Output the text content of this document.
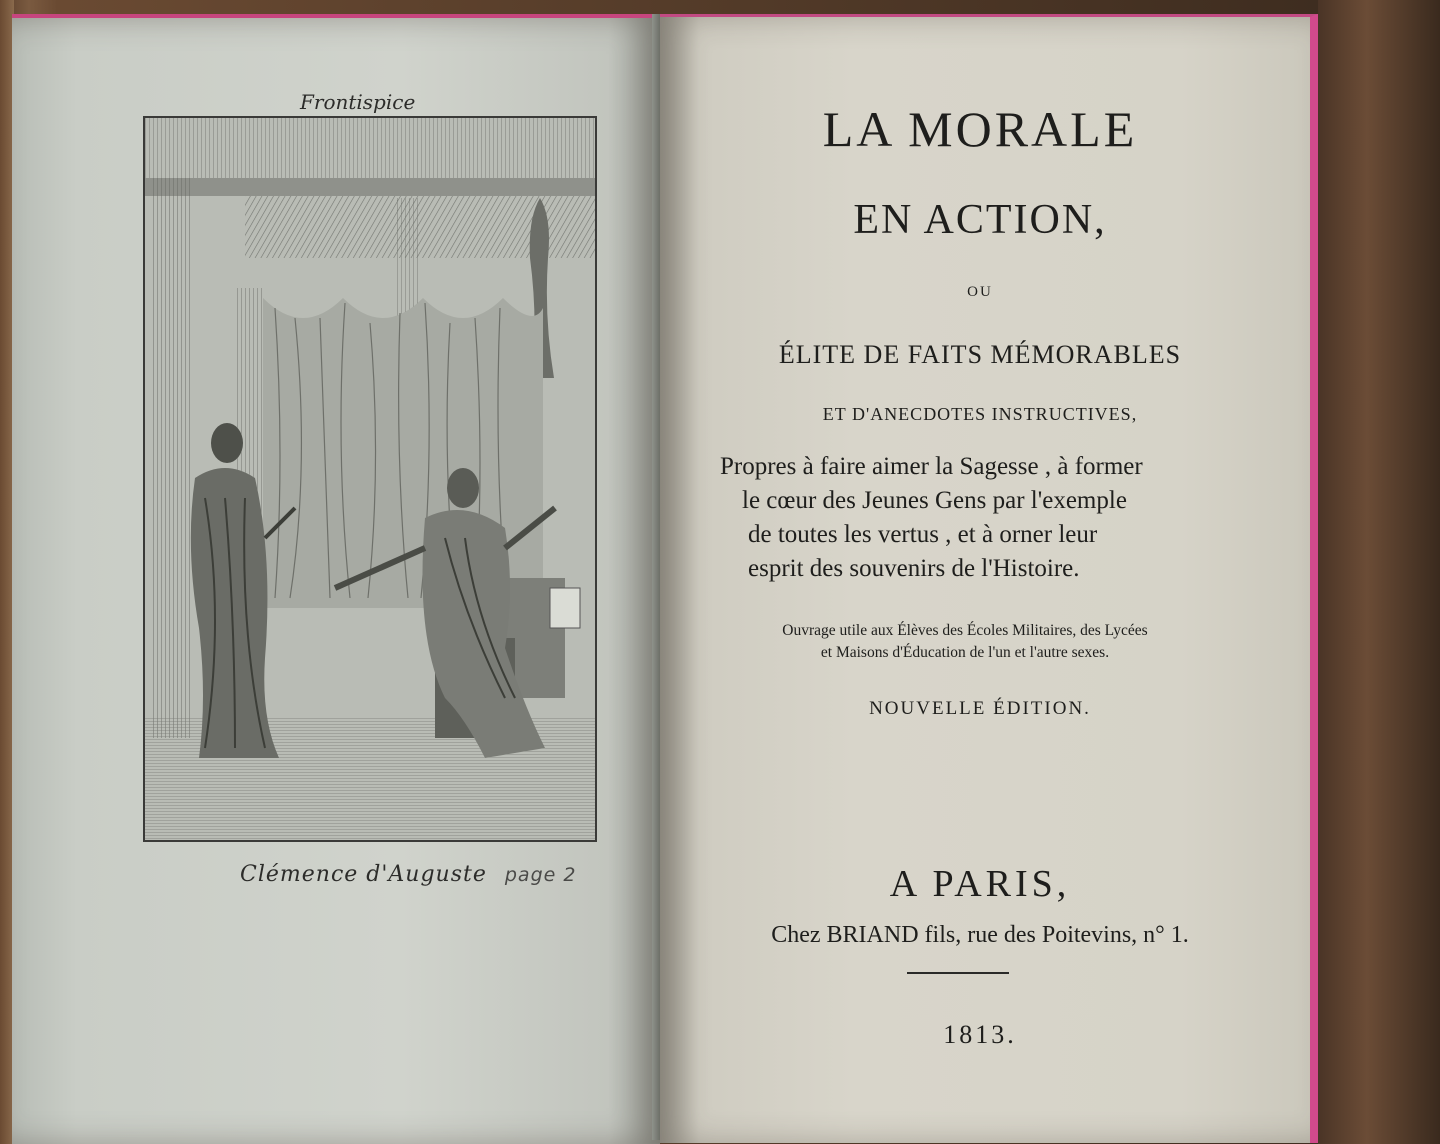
Frontispice
Clémence d'Auguste page 2
LA MORALE
EN ACTION,
OU
ÉLITE DE FAITS MÉMORABLES
ET D'ANECDOTES INSTRUCTIVES,
Propres à faire aimer la Sagesse , à former
le cœur des Jeunes Gens par l'exemple
de toutes les vertus , et à orner leur
esprit des souvenirs de l'Histoire.
Ouvrage utile aux Élèves des Écoles Militaires, des Lycées
et Maisons d'Éducation de l'un et l'autre sexes.
NOUVELLE ÉDITION.
A PARIS,
Chez BRIAND fils, rue des Poitevins, n° 1.
1813.
